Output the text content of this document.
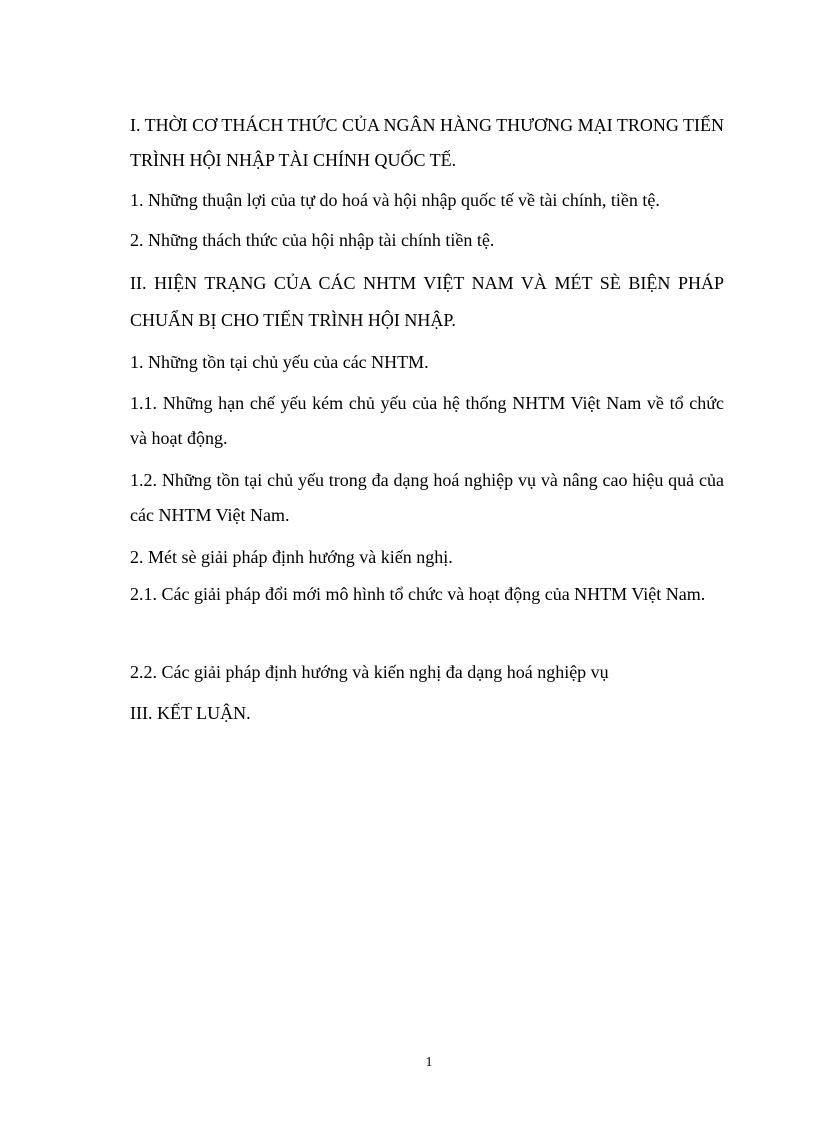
I. THỜI CƠ THÁCH THỨC CỦA NGÂN HÀNG THƯƠNG MẠI TRONG TIẾN TRÌNH HỘI NHẬP TÀI CHÍNH QUỐC TẾ.
1. Những thuận lợi của tự do hoá và hội nhập quốc tế về tài chính, tiền tệ.
2. Những thách thức của hội nhập tài chính tiền tệ.
II. HIỆN TRẠNG CỦA CÁC NHTM VIỆT NAM VÀ MÉT SÈ BIỆN PHÁP CHUẨN BỊ CHO TIẾN TRÌNH HỘI NHẬP.
1. Những tồn tại chủ yếu của các NHTM.
1.1. Những hạn chế yếu kém chủ yếu của hệ thống NHTM Việt Nam về tổ chức và hoạt động.
1.2. Những tồn tại chủ yếu trong đa dạng hoá nghiệp vụ và nâng cao hiệu quả của các NHTM Việt Nam.
2. Mét sè giải pháp định hướng và kiến nghị.
2.1. Các giải pháp đổi mới mô hình tổ chức và hoạt động của NHTM Việt Nam.
2.2. Các giải pháp định hướng và kiến nghị đa dạng hoá nghiệp vụ
III. KẾT LUẬN.
1
